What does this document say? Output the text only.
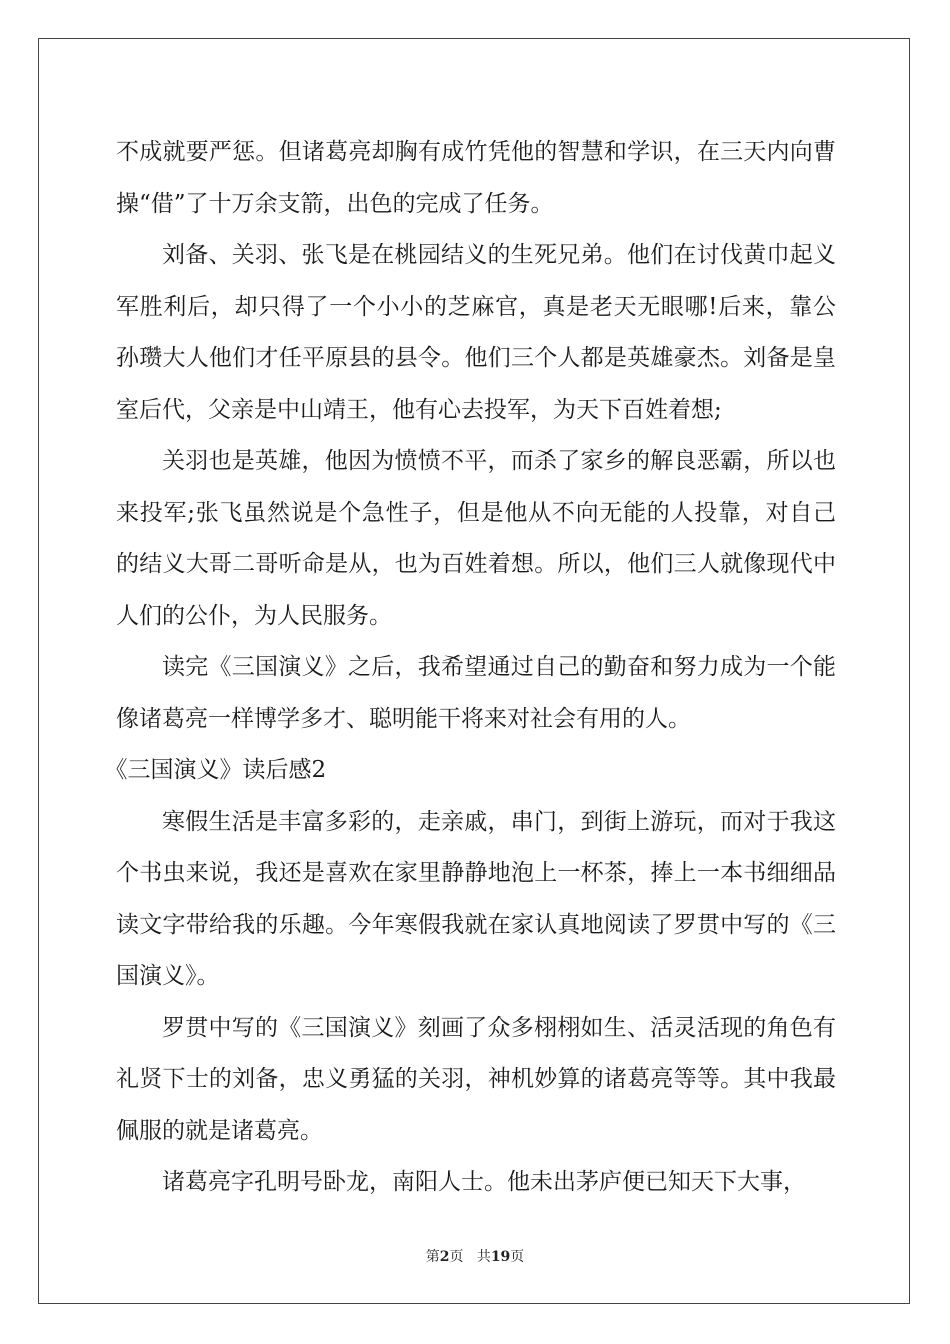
不成就要严惩。但诸葛亮却胸有成竹凭他的智慧和学识，在三天内向曹操“借”了十万余支箭，出色的完成了任务。

刘备、关羽、张飞是在桃园结义的生死兄弟。他们在讨伐黄巾起义军胜利后，却只得了一个小小的芝麻官，真是老天无眼哪!后来，靠公孙瓒大人他们才任平原县的县令。他们三个人都是英雄豪杰。刘备是皇室后代，父亲是中山靖王，他有心去投军，为天下百姓着想;

关羽也是英雄，他因为愤愤不平，而杀了家乡的解良恶霸，所以也来投军;张飞虽然说是个急性子，但是他从不向无能的人投靠，对自己的结义大哥二哥听命是从，也为百姓着想。所以，他们三人就像现代中人们的公仆，为人民服务。

读完《三国演义》之后，我希望通过自己的勤奋和努力成为一个能像诸葛亮一样博学多才、聪明能干将来对社会有用的人。

《三国演义》读后感2

寒假生活是丰富多彩的，走亲戚，串门，到街上游玩，而对于我这个书虫来说，我还是喜欢在家里静静地泡上一杯茶，捧上一本书细细品读文字带给我的乐趣。今年寒假我就在家认真地阅读了罗贯中写的《三国演义》。

罗贯中写的《三国演义》刻画了众多栩栩如生、活灵活现的角色有礼贤下士的刘备，忠义勇猛的关羽，神机妙算的诸葛亮等等。其中我最佩服的就是诸葛亮。

诸葛亮字孔明号卧龙，南阳人士。他未出茅庐便已知天下大事，

第2页 共19页
